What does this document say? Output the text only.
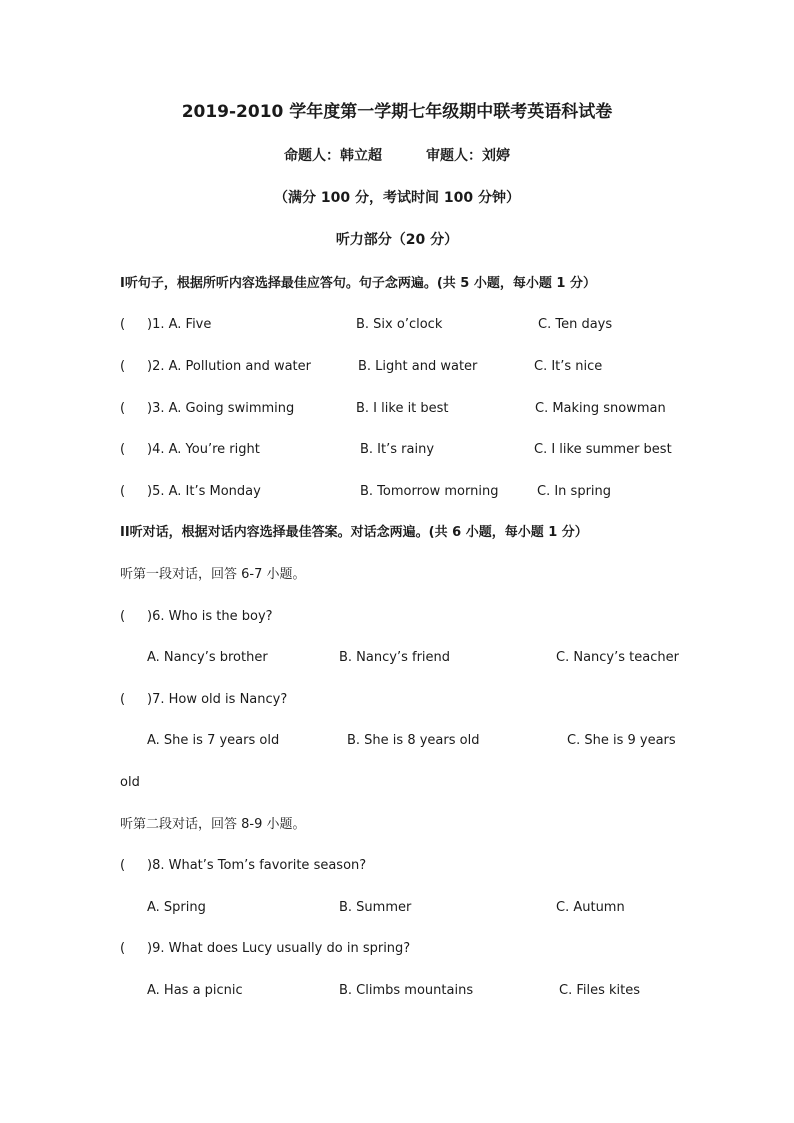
2019-2010 学年度第一学期七年级期中联考英语科试卷
命题人：韩立超	审题人：刘婷
（满分 100 分，考试时间 100 分钟）
听力部分（20 分）
I听句子，根据所听内容选择最佳应答句。句子念两遍。(共 5 小题，每小题 1 分）
(	)1. A. Five	B. Six o’clock	C. Ten days
(	)2. A. Pollution and water	B. Light and water	C. It’s nice
(	)3. A. Going swimming	B. I like it best	C. Making snowman
(	)4. A. You’re right	B. It’s rainy	C. I like summer best
(	)5. A. It’s Monday	B. Tomorrow morning	C. In spring
II听对话，根据对话内容选择最佳答案。对话念两遍。(共 6 小题，每小题 1 分）
听第一段对话，回答 6-7 小题。
(	)6. Who is the boy?
A. Nancy’s brother	B. Nancy’s friend	C. Nancy’s teacher
(	)7. How old is Nancy?
A. She is 7 years old	B. She is 8 years old	C. She is 9 years
old
听第二段对话，回答 8-9 小题。
(	)8. What’s Tom’s favorite season?
A. Spring	B. Summer	C. Autumn
(	)9. What does Lucy usually do in spring?
A. Has a picnic	B. Climbs mountains	C. Files kites
